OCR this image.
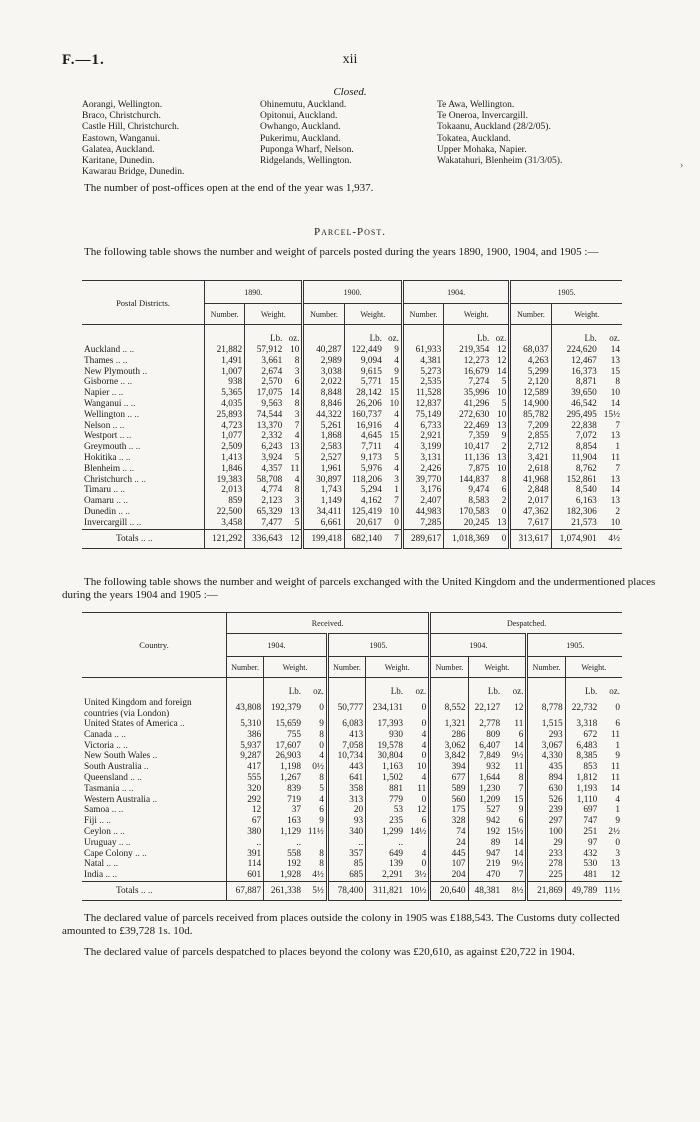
F.—1.	xii
Closed.
Aorangi, Wellington.
Braco, Christchurch.
Castle Hill, Christchurch.
Eastown, Wanganui.
Galatea, Auckland.
Karitane, Dunedin.
Kawarau Bridge, Dunedin.
Ohinemutu, Auckland.
Opitonui, Auckland.
Owhango, Auckland.
Pukerimu, Auckland.
Puponga Wharf, Nelson.
Ridgelands, Wellington.
Te Awa, Wellington.
Te Oneroa, Invercargill.
Tokaanu, Auckland (28/2/05).
Tokatea, Auckland.
Upper Mohaka, Napier.
Wakatahuri, Blenheim (31/3/05).
The number of post-offices open at the end of the year was 1,937.
Parcel-Post.
The following table shows the number and weight of parcels posted during the years 1890, 1900, 1904, and 1905 :—
Postal Districts.	1890.			1900.			1904.			1905.		
	Number.	Weight.		Number.	Weight.		Number.	Weight.		Number.	Weight.	
		Lb.	oz.		Lb.	oz.		Lb.	oz.		Lb.	oz.
Auckland .. ..	21,882	57,912	10	40,287	122,449	9	61,933	219,354	12	68,037	224,620	14
Thames .. ..	1,491	3,661	8	2,989	9,094	4	4,381	12,273	12	4,263	12,467	13
New Plymouth ..	1,007	2,674	3	3,038	9,615	9	5,273	16,679	14	5,299	16,373	15
Gisborne .. ..	938	2,570	6	2,022	5,771	15	2,535	7,274	5	2,120	8,871	8
Napier .. ..	5,365	17,075	14	8,848	28,142	15	11,528	35,996	10	12,589	39,650	10
Wanganui .. ..	4,035	9,563	8	8,846	26,206	10	12,837	41,296	5	14,900	46,542	14
Wellington .. ..	25,893	74,544	3	44,322	160,737	4	75,149	272,630	10	85,782	295,495	15½
Nelson .. ..	4,723	13,370	7	5,261	16,916	4	6,733	22,469	13	7,209	22,838	7
Westport .. ..	1,077	2,332	4	1,868	4,645	15	2,921	7,359	9	2,855	7,072	13
Greymouth .. ..	2,509	6,243	13	2,583	7,711	4	3,199	10,417	2	2,712	8,854	1
Hokitika .. ..	1,413	3,924	5	2,527	9,173	5	3,131	11,136	13	3,421	11,904	11
Blenheim .. ..	1,846	4,357	11	1,961	5,976	4	2,426	7,875	10	2,618	8,762	7
Christchurch .. ..	19,383	58,708	4	30,897	118,206	3	39,770	144,837	8	41,968	152,861	13
Timaru .. ..	2,013	4,774	8	1,743	5,294	1	3,176	9,474	6	2,848	8,540	14
Oamaru .. ..	859	2,123	3	1,149	4,162	7	2,407	8,583	2	2,017	6,163	13
Dunedin .. ..	22,500	65,329	13	34,411	125,419	10	44,983	170,583	0	47,362	182,306	2
Invercargill .. ..	3,458	7,477	5	6,661	20,617	0	7,285	20,245	13	7,617	21,573	10
Totals .. ..	121,292	336,643	12	199,418	682,140	7	289,617	1,018,369	0	313,617	1,074,901	4½
The following table shows the number and weight of parcels exchanged with the United Kingdom and the undermentioned places during the years 1904 and 1905 :—
Country.	Received.						Despatched.					
	1904.			1905.			1904.			1905.		
	Number.	Weight.		Number.	Weight.		Number.	Weight.		Number.	Weight.	
		Lb.	oz.		Lb.	oz.		Lb.	oz.		Lb.	oz.
United Kingdom and foreign countries (via London)	43,808	192,379	0	50,777	234,131	0	8,552	22,127	12	8,778	22,732	0
United States of America ..	5,310	15,659	9	6,083	17,393	0	1,321	2,778	11	1,515	3,318	6
Canada .. ..	386	755	8	413	930	4	286	809	6	293	672	11
Victoria .. ..	5,937	17,607	0	7,058	19,578	4	3,062	6,407	14	3,067	6,483	1
New South Wales ..	9,287	26,903	4	10,734	30,804	0	3,842	7,849	9½	4,330	8,385	9
South Australia ..	417	1,198	0½	443	1,163	10	394	932	11	435	853	11
Queensland .. ..	555	1,267	8	641	1,502	4	677	1,644	8	894	1,812	11
Tasmania .. ..	320	839	5	358	881	11	589	1,230	7	630	1,193	14
Western Australia ..	292	719	4	313	779	0	560	1,209	15	526	1,110	4
Samoa .. ..	12	37	6	20	53	12	175	527	9	239	697	1
Fiji .. ..	67	163	9	93	235	6	328	942	6	297	747	9
Ceylon .. ..	380	1,129	11½	340	1,299	14½	74	192	15½	100	251	2½
Uruguay .. ..	..	..		..	..		24	89	14	29	97	0
Cape Colony .. ..	391	558	8	357	649	4	445	947	14	233	432	3
Natal .. ..	114	192	8	85	139	0	107	219	9½	278	530	13
India .. ..	601	1,928	4½	685	2,291	3½	204	470	7	225	481	12
Totals .. ..	67,887	261,338	5½	78,400	311,821	10½	20,640	48,381	8½	21,869	49,789	11½
The declared value of parcels received from places outside the colony in 1905 was £188,543. The Customs duty collected amounted to £39,728 1s. 10d.
The declared value of parcels despatched to places beyond the colony was £20,610, as against £20,722 in 1904.
›
